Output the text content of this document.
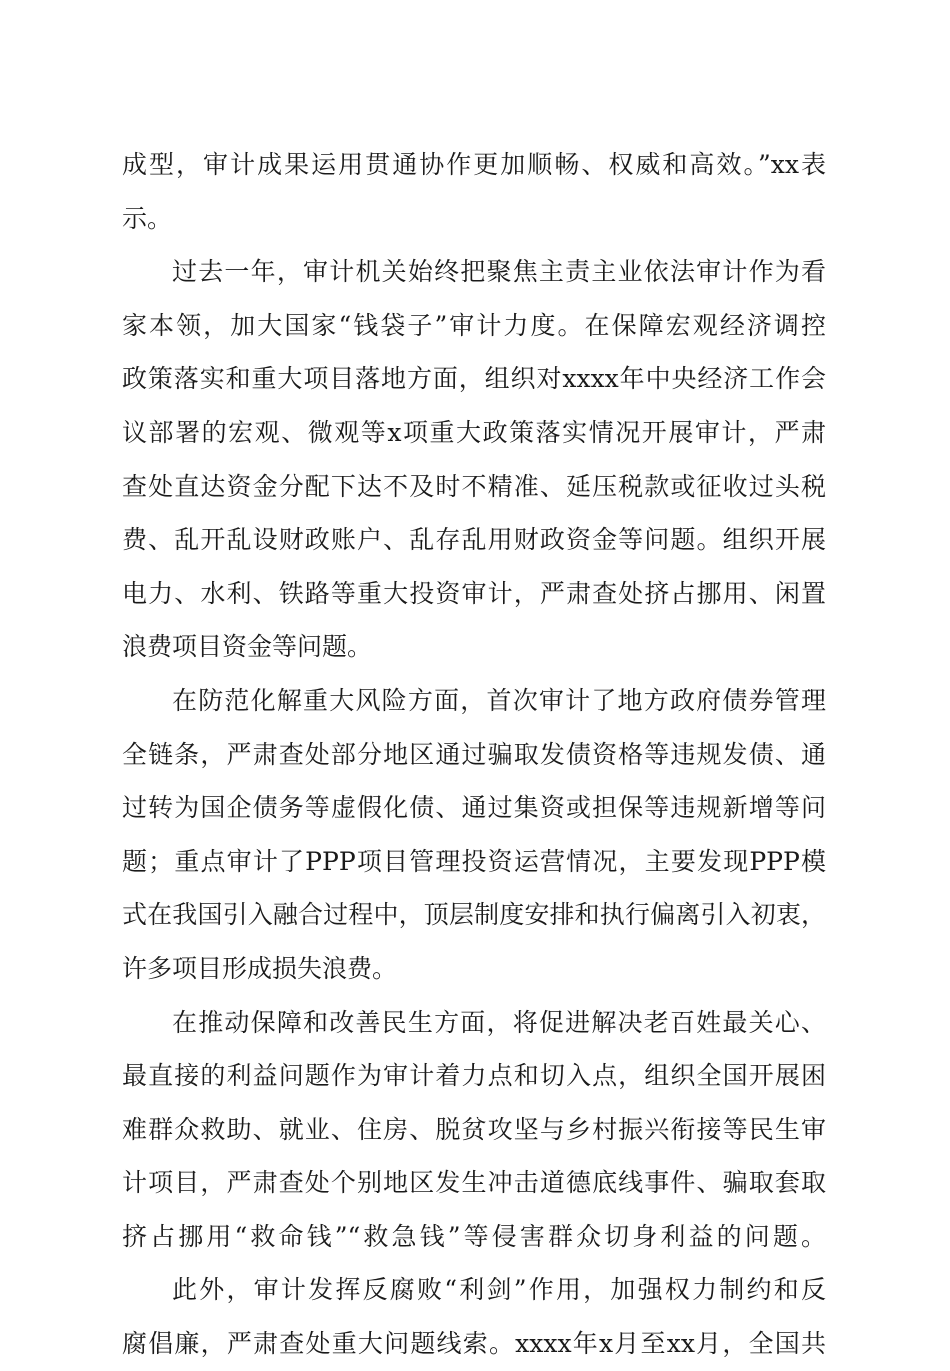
成型，审计成果运用贯通协作更加顺畅、权威和高效。”xx表
示。
过去一年，审计机关始终把聚焦主责主业依法审计作为看
家本领，加大国家“钱袋子”审计力度。在保障宏观经济调控
政策落实和重大项目落地方面，组织对xxxx年中央经济工作会
议部署的宏观、微观等x项重大政策落实情况开展审计，严肃
查处直达资金分配下达不及时不精准、延压税款或征收过头税
费、乱开乱设财政账户、乱存乱用财政资金等问题。组织开展
电力、水利、铁路等重大投资审计，严肃查处挤占挪用、闲置
浪费项目资金等问题。
在防范化解重大风险方面，首次审计了地方政府债券管理
全链条，严肃查处部分地区通过骗取发债资格等违规发债、通
过转为国企债务等虚假化债、通过集资或担保等违规新增等问
题；重点审计了PPP项目管理投资运营情况，主要发现PPP模
式在我国引入融合过程中，顶层制度安排和执行偏离引入初衷，
许多项目形成损失浪费。
在推动保障和改善民生方面，将促进解决老百姓最关心、
最直接的利益问题作为审计着力点和切入点，组织全国开展困
难群众救助、就业、住房、脱贫攻坚与乡村振兴衔接等民生审
计项目，严肃查处个别地区发生冲击道德底线事件、骗取套取
挤占挪用“救命钱”“救急钱”等侵害群众切身利益的问题。
此外，审计发挥反腐败“利剑”作用，加强权力制约和反
腐倡廉，严肃查处重大问题线索。xxxx年x月至xx月，全国共
